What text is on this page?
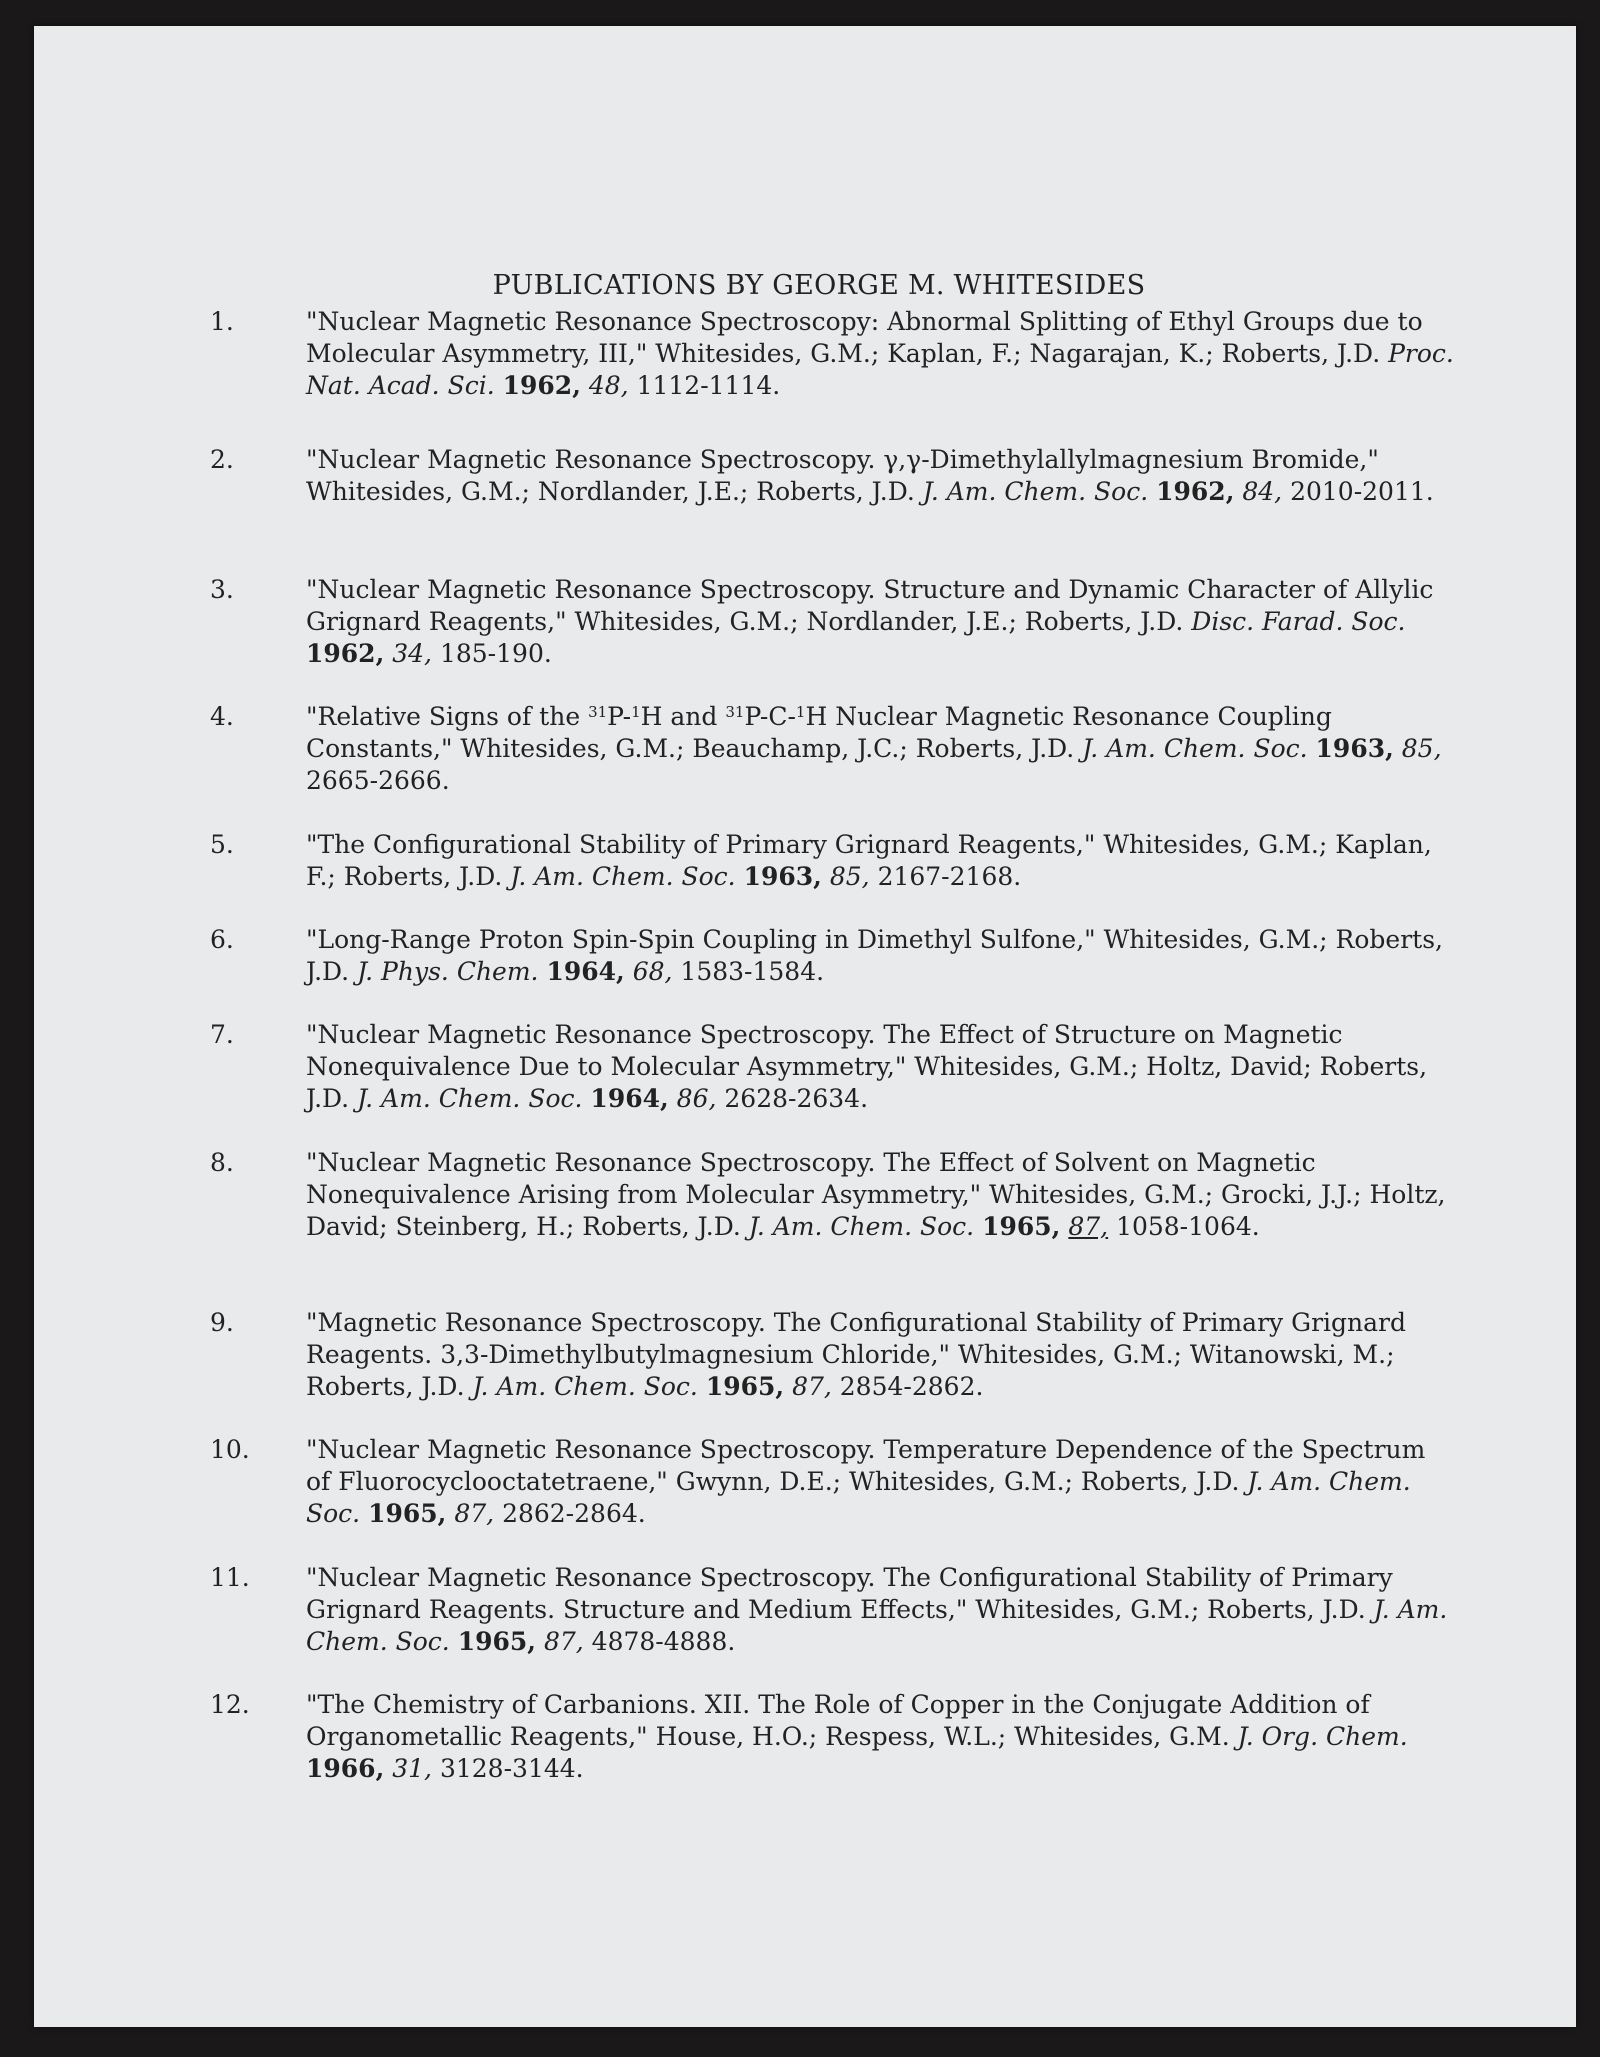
PUBLICATIONS BY GEORGE M. WHITESIDES
1.	"Nuclear Magnetic Resonance Spectroscopy: Abnormal Splitting of Ethyl Groups due to Molecular Asymmetry, III," Whitesides, G.M.; Kaplan, F.; Nagarajan, K.; Roberts, J.D. Proc. Nat. Acad. Sci. 1962, 48, 1112-1114.

2.	"Nuclear Magnetic Resonance Spectroscopy. γ,γ-Dimethylallylmagnesium Bromide," Whitesides, G.M.; Nordlander, J.E.; Roberts, J.D. J. Am. Chem. Soc. 1962, 84, 2010-2011.

3.	"Nuclear Magnetic Resonance Spectroscopy. Structure and Dynamic Character of Allylic Grignard Reagents," Whitesides, G.M.; Nordlander, J.E.; Roberts, J.D. Disc. Farad. Soc. 1962, 34, 185-190.

4.	"Relative Signs of the $^{31}$P-$^1$H and $^{31}$P-C-$^1$H Nuclear Magnetic Resonance Coupling Constants," Whitesides, G.M.; Beauchamp, J.C.; Roberts, J.D. J. Am. Chem. Soc. 1963, 85, 2665-2666.

5.	"The Configurational Stability of Primary Grignard Reagents," Whitesides, G.M.; Kaplan, F.; Roberts, J.D. J. Am. Chem. Soc. 1963, 85, 2167-2168.

6.	"Long-Range Proton Spin-Spin Coupling in Dimethyl Sulfone," Whitesides, G.M.; Roberts, J.D. J. Phys. Chem. 1964, 68, 1583-1584.

7.	"Nuclear Magnetic Resonance Spectroscopy. The Effect of Structure on Magnetic Nonequivalence Due to Molecular Asymmetry," Whitesides, G.M.; Holtz, David; Roberts, J.D. J. Am. Chem. Soc. 1964, 86, 2628-2634.

8.	"Nuclear Magnetic Resonance Spectroscopy. The Effect of Solvent on Magnetic Nonequivalence Arising from Molecular Asymmetry," Whitesides, G.M.; Grocki, J.J.; Holtz, David; Steinberg, H.; Roberts, J.D. J. Am. Chem. Soc. 1965, 87, 1058-1064.

9.	"Magnetic Resonance Spectroscopy. The Configurational Stability of Primary Grignard Reagents. 3,3-Dimethylbutylmagnesium Chloride," Whitesides, G.M.; Witanowski, M.; Roberts, J.D. J. Am. Chem. Soc. 1965, 87, 2854-2862.

10. "Nuclear Magnetic Resonance Spectroscopy. Temperature Dependence of the Spectrum of Fluorocyclooctatetraene," Gwynn, D.E.; Whitesides, G.M.; Roberts, J.D. J. Am. Chem. Soc. 1965, 87, 2862-2864.

11. "Nuclear Magnetic Resonance Spectroscopy. The Configurational Stability of Primary Grignard Reagents. Structure and Medium Effects," Whitesides, G.M.; Roberts, J.D. J. Am. Chem. Soc. 1965, 87, 4878-4888.

12. "The Chemistry of Carbanions. XII. The Role of Copper in the Conjugate Addition of Organometallic Reagents," House, H.O.; Respess, W.L.; Whitesides, G.M. J. Org. Chem. 1966, 31, 3128-3144.
